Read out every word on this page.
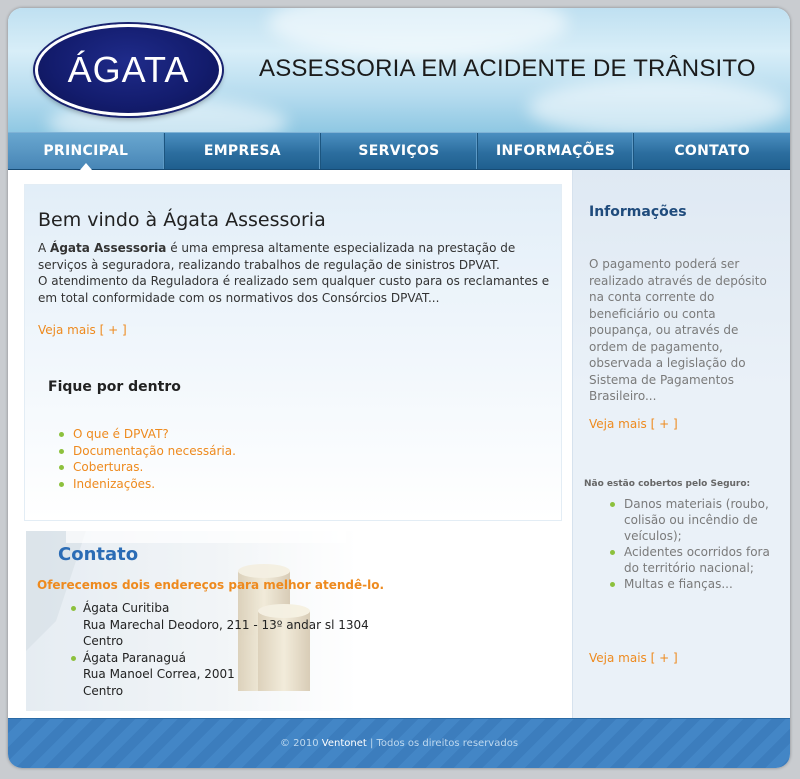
ÁGATA	ASSESSORIA EM ACIDENTE DE TRÂNSITO
PRINCIPAL	EMPRESA	SERVIÇOS	INFORMAÇÕES	CONTATO
Bem vindo à Ágata Assessoria
A Ágata Assessoria é uma empresa altamente especializada na prestação de serviços à seguradora, realizando trabalhos de regulação de sinistros DPVAT.
O atendimento da Reguladora é realizado sem qualquer custo para os reclamantes e em total conformidade com os normativos dos Consórcios DPVAT...
Veja mais [ + ]
Fique por dentro
O que é DPVAT?
Documentação necessária.
Coberturas.
Indenizações.
Contato
Oferecemos dois endereços para melhor atendê-lo.
Ágata Curitiba
Rua Marechal Deodoro, 211 - 13º andar sl 1304
Centro
Ágata Paranaguá
Rua Manoel Correa, 2001
Centro
Informações
O pagamento poderá ser realizado através de depósito na conta corrente do beneficiário ou conta poupança, ou através de ordem de pagamento, observada a legislação do Sistema de Pagamentos Brasileiro...
Veja mais [ + ]
Não estão cobertos pelo Seguro:
Danos materiais (roubo, colisão ou incêndio de veículos);
Acidentes ocorridos fora do território nacional;
Multas e fianças...
Veja mais [ + ]
© 2010 Ventonet | Todos os direitos reservados
